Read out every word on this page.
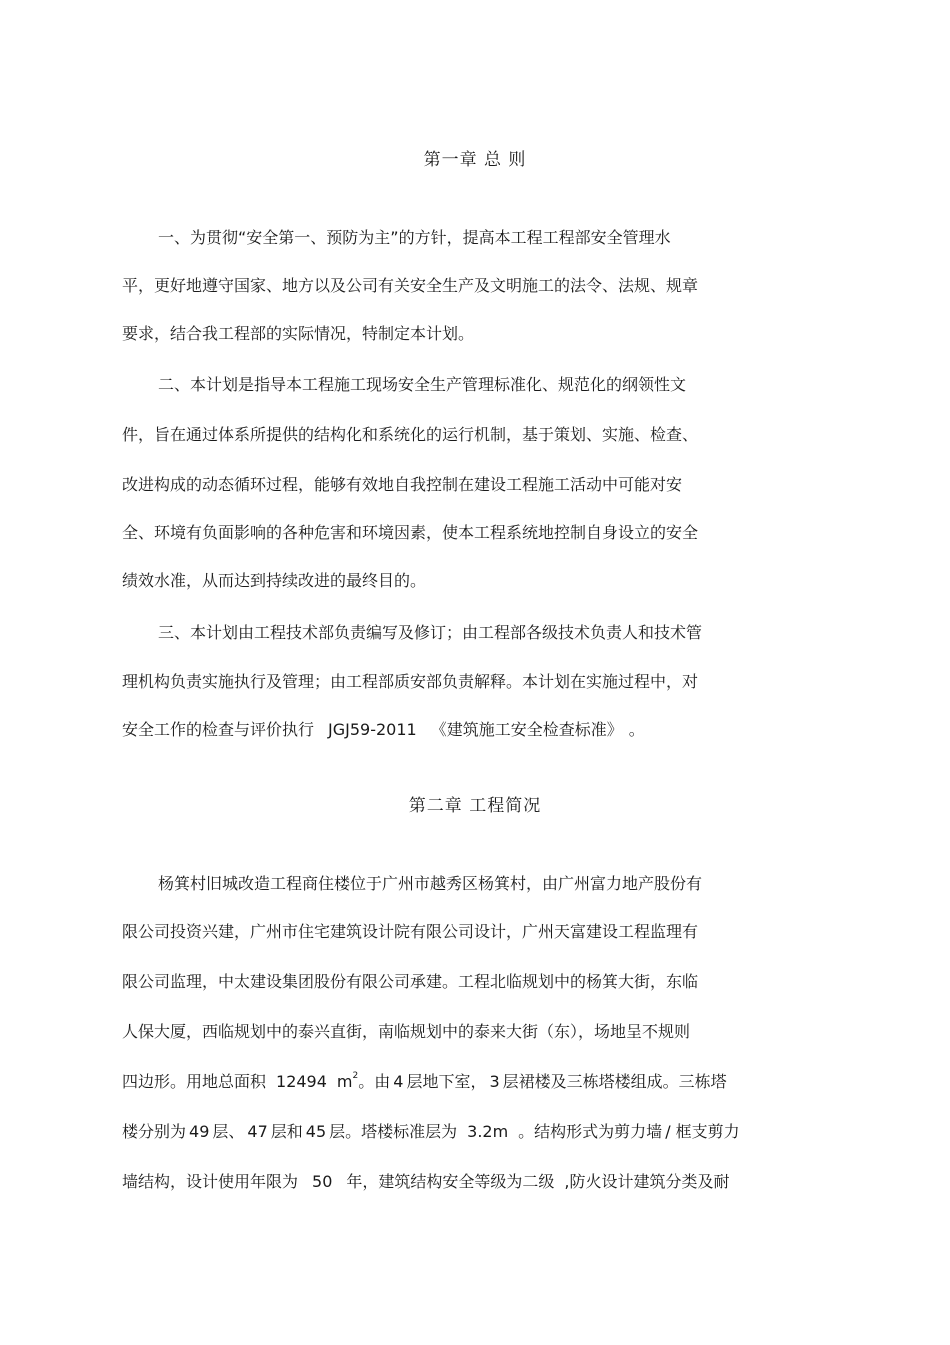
第一章 总 则
一、为贯彻“安全第一、预防为主”的方针，提高本工程工程部安全管理水
平，更好地遵守国家、地方以及公司有关安全生产及文明施工的法令、法规、规章
要求，结合我工程部的实际情况，特制定本计划。
二、本计划是指导本工程施工现场安全生产管理标准化、规范化的纲领性文
件，旨在通过体系所提供的结构化和系统化的运行机制，基于策划、实施、检查、
改进构成的动态循环过程，能够有效地自我控制在建设工程施工活动中可能对安
全、环境有负面影响的各种危害和环境因素，使本工程系统地控制自身设立的安全
绩效水准，从而达到持续改进的最终目的。
三、本计划由工程技术部负责编写及修订；由工程部各级技术负责人和技术管
理机构负责实施执行及管理；由工程部质安部负责解释。本计划在实施过程中，对
安全工作的检查与评价执行 JGJ59-2011 《建筑施工安全检查标准》 。
第二章 工程简况
杨箕村旧城改造工程商住楼位于广州市越秀区杨箕村，由广州富力地产股份有
限公司投资兴建，广州市住宅建筑设计院有限公司设计，广州天富建设工程监理有
限公司监理，中太建设集团股份有限公司承建。工程北临规划中的杨箕大街，东临
人保大厦，西临规划中的泰兴直街，南临规划中的泰来大街（东），场地呈不规则
四边形。用地总面积 12494 $m^2$。由 4 层地下室， 3 层裙楼及三栋塔楼组成。三栋塔
楼分别为 49 层、 47 层和 45 层。塔楼标准层为 3.2m 。结构形式为剪力墙 / 框支剪力
墙结构，设计使用年限为 50 年，建筑结构安全等级为二级 ,防火设计建筑分类及耐
